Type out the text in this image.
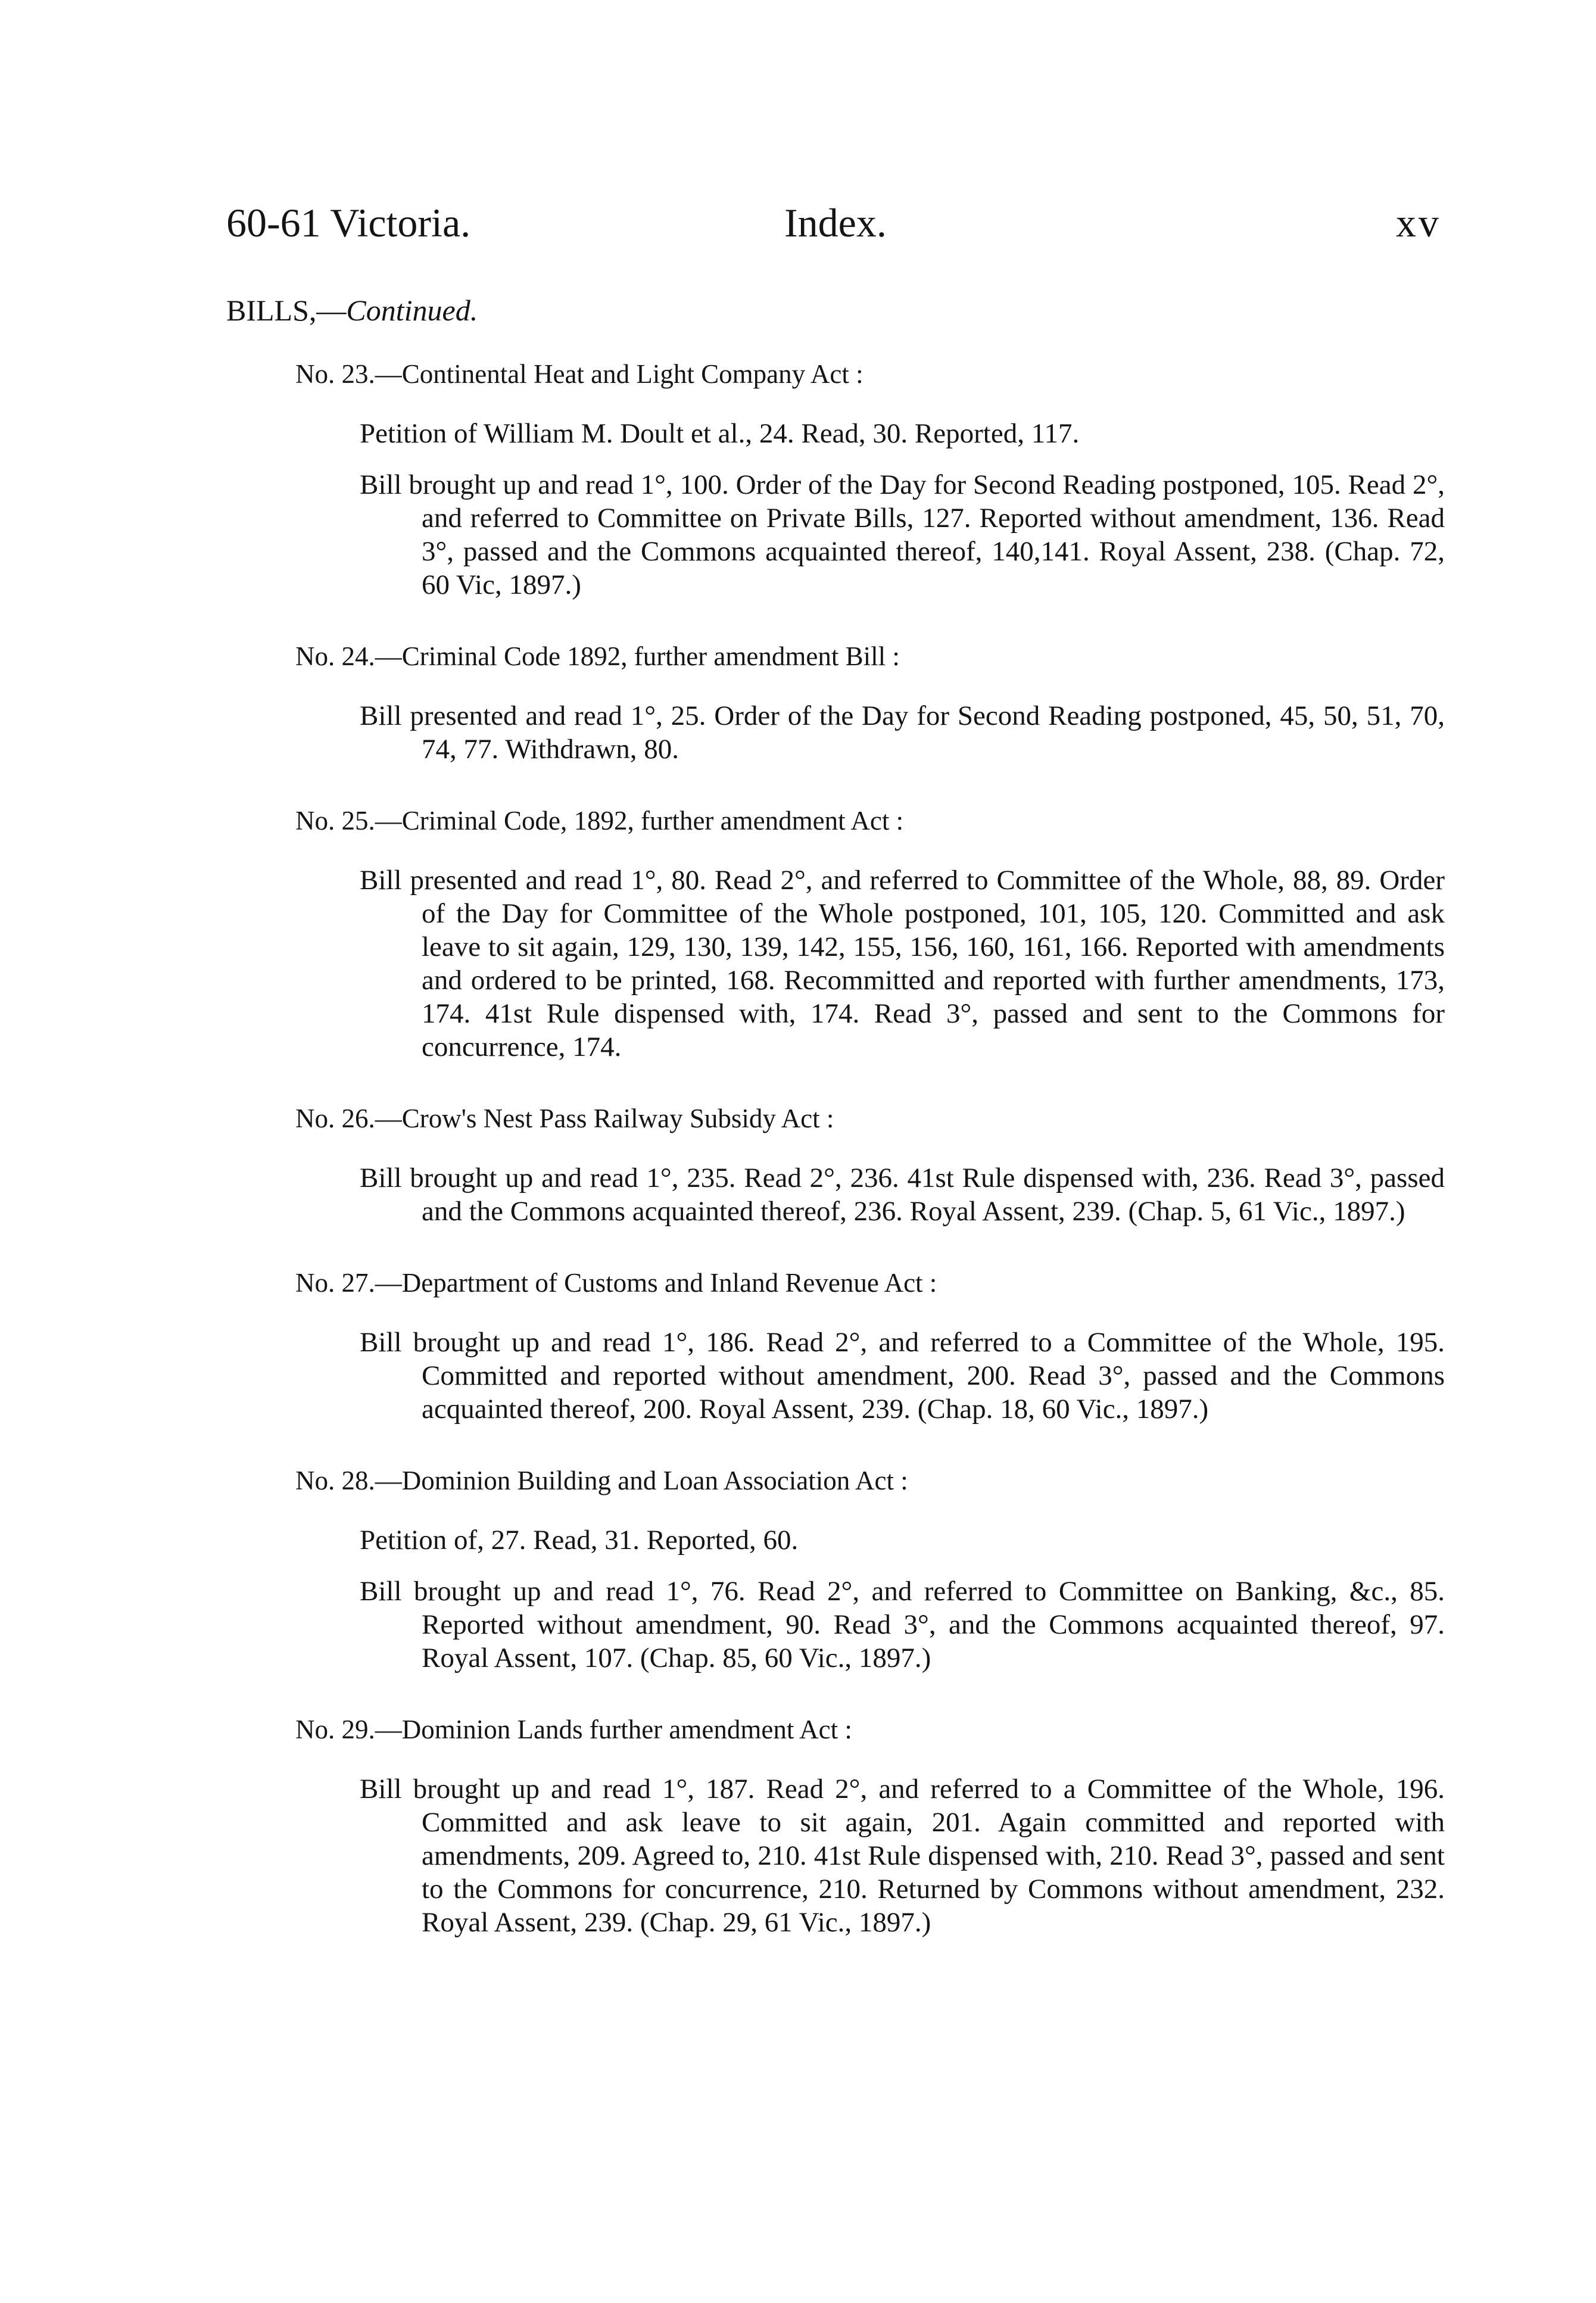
60-61 Victoria.	Index.	xv
BILLS,—Continued.
No. 23.—Continental Heat and Light Company Act :
Petition of William M. Doult et al., 24. Read, 30. Reported, 117.
Bill brought up and read 1°, 100. Order of the Day for Second Reading postponed, 105. Read 2°, and referred to Committee on Private Bills, 127. Reported without amendment, 136. Read 3°, passed and the Commons acquainted thereof, 140,141. Royal Assent, 238. (Chap. 72, 60 Vic, 1897.)
No. 24.—Criminal Code 1892, further amendment Bill :
Bill presented and read 1°, 25. Order of the Day for Second Reading postponed, 45, 50, 51, 70, 74, 77. Withdrawn, 80.
No. 25.—Criminal Code, 1892, further amendment Act :
Bill presented and read 1°, 80. Read 2°, and referred to Committee of the Whole, 88, 89. Order of the Day for Committee of the Whole postponed, 101, 105, 120. Committed and ask leave to sit again, 129, 130, 139, 142, 155, 156, 160, 161, 166. Reported with amendments and ordered to be printed, 168. Recommitted and reported with further amendments, 173, 174. 41st Rule dispensed with, 174. Read 3°, passed and sent to the Commons for concurrence, 174.
No. 26.—Crow's Nest Pass Railway Subsidy Act :
Bill brought up and read 1°, 235. Read 2°, 236. 41st Rule dispensed with, 236. Read 3°, passed and the Commons acquainted thereof, 236. Royal Assent, 239. (Chap. 5, 61 Vic., 1897.)
No. 27.—Department of Customs and Inland Revenue Act :
Bill brought up and read 1°, 186. Read 2°, and referred to a Committee of the Whole, 195. Committed and reported without amendment, 200. Read 3°, passed and the Commons acquainted thereof, 200. Royal Assent, 239. (Chap. 18, 60 Vic., 1897.)
No. 28.—Dominion Building and Loan Association Act :
Petition of, 27. Read, 31. Reported, 60.
Bill brought up and read 1°, 76. Read 2°, and referred to Committee on Banking, &c., 85. Reported without amendment, 90. Read 3°, and the Commons acquainted thereof, 97. Royal Assent, 107. (Chap. 85, 60 Vic., 1897.)
No. 29.—Dominion Lands further amendment Act :
Bill brought up and read 1°, 187. Read 2°, and referred to a Committee of the Whole, 196. Committed and ask leave to sit again, 201. Again committed and reported with amendments, 209. Agreed to, 210. 41st Rule dispensed with, 210. Read 3°, passed and sent to the Commons for concurrence, 210. Returned by Commons without amendment, 232. Royal Assent, 239. (Chap. 29, 61 Vic., 1897.)
